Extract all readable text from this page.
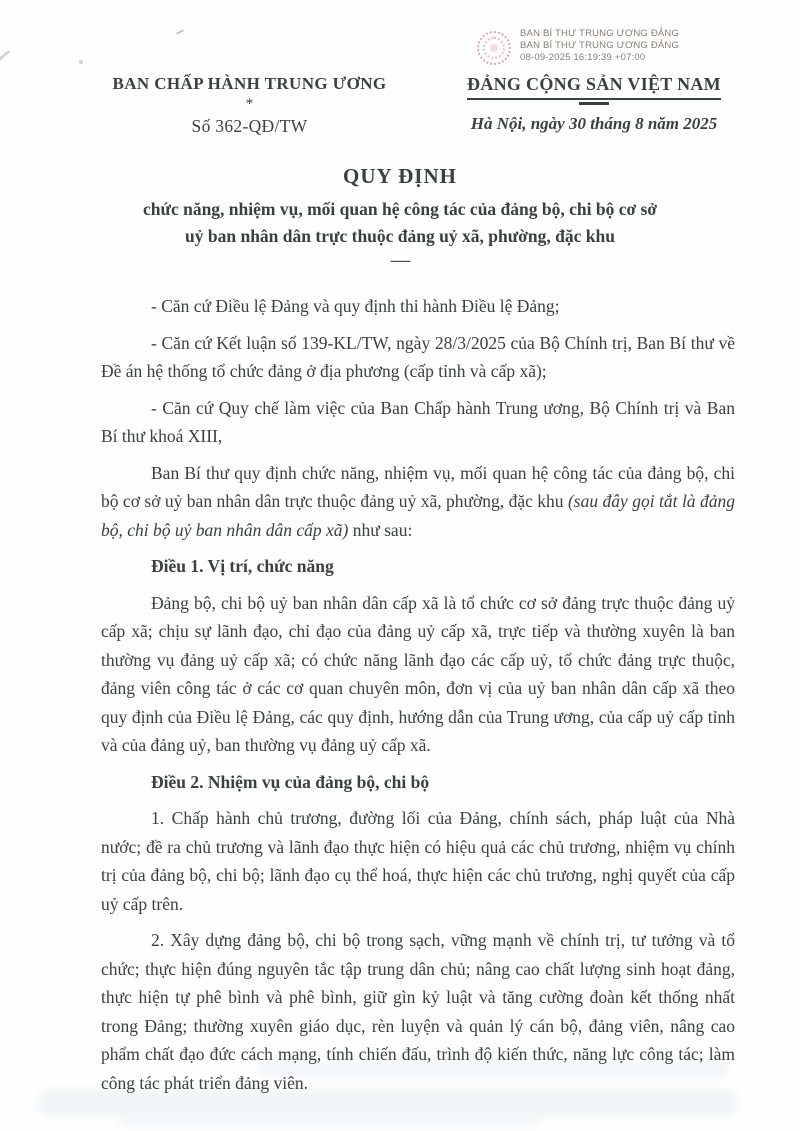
BAN BÍ THƯ TRUNG ƯƠNG ĐẢNG
BAN BÍ THƯ TRUNG ƯƠNG ĐẢNG
08-09-2025 16:19:39 +07:00
BAN CHẤP HÀNH TRUNG ƯƠNG
*
Số 362-QĐ/TW
ĐẢNG CỘNG SẢN VIỆT NAM
Hà Nội, ngày 30 tháng 8 năm 2025
QUY ĐỊNH
chức năng, nhiệm vụ, mối quan hệ công tác của đảng bộ, chi bộ cơ sở
uỷ ban nhân dân trực thuộc đảng uỷ xã, phường, đặc khu
-----

- Căn cứ Điều lệ Đảng và quy định thi hành Điều lệ Đảng;

- Căn cứ Kết luận số 139-KL/TW, ngày 28/3/2025 của Bộ Chính trị, Ban Bí thư về Đề án hệ thống tổ chức đảng ở địa phương (cấp tỉnh và cấp xã);

- Căn cứ Quy chế làm việc của Ban Chấp hành Trung ương, Bộ Chính trị và Ban Bí thư khoá XIII,

Ban Bí thư quy định chức năng, nhiệm vụ, mối quan hệ công tác của đảng bộ, chi bộ cơ sở uỷ ban nhân dân trực thuộc đảng uỷ xã, phường, đặc khu (sau đây gọi tắt là đảng bộ, chi bộ uỷ ban nhân dân cấp xã) như sau:

Điều 1. Vị trí, chức năng

Đảng bộ, chi bộ uỷ ban nhân dân cấp xã là tổ chức cơ sở đảng trực thuộc đảng uỷ cấp xã; chịu sự lãnh đạo, chỉ đạo của đảng uỷ cấp xã, trực tiếp và thường xuyên là ban thường vụ đảng uỷ cấp xã; có chức năng lãnh đạo các cấp uỷ, tổ chức đảng trực thuộc, đảng viên công tác ở các cơ quan chuyên môn, đơn vị của uỷ ban nhân dân cấp xã theo quy định của Điều lệ Đảng, các quy định, hướng dẫn của Trung ương, của cấp uỷ cấp tỉnh và của đảng uỷ, ban thường vụ đảng uỷ cấp xã.

Điều 2. Nhiệm vụ của đảng bộ, chi bộ

1. Chấp hành chủ trương, đường lối của Đảng, chính sách, pháp luật của Nhà nước; đề ra chủ trương và lãnh đạo thực hiện có hiệu quả các chủ trương, nhiệm vụ chính trị của đảng bộ, chi bộ; lãnh đạo cụ thể hoá, thực hiện các chủ trương, nghị quyết của cấp uỷ cấp trên.

2. Xây dựng đảng bộ, chi bộ trong sạch, vững mạnh về chính trị, tư tưởng và tổ chức; thực hiện đúng nguyên tắc tập trung dân chủ; nâng cao chất lượng sinh hoạt đảng, thực hiện tự phê bình và phê bình, giữ gìn kỷ luật và tăng cường đoàn kết thống nhất trong Đảng; thường xuyên giáo dục, rèn luyện và quản lý cán bộ, đảng viên, nâng cao phẩm chất đạo đức cách mạng, tính chiến đấu, trình độ kiến thức, năng lực công tác; làm công tác phát triển đảng viên.
